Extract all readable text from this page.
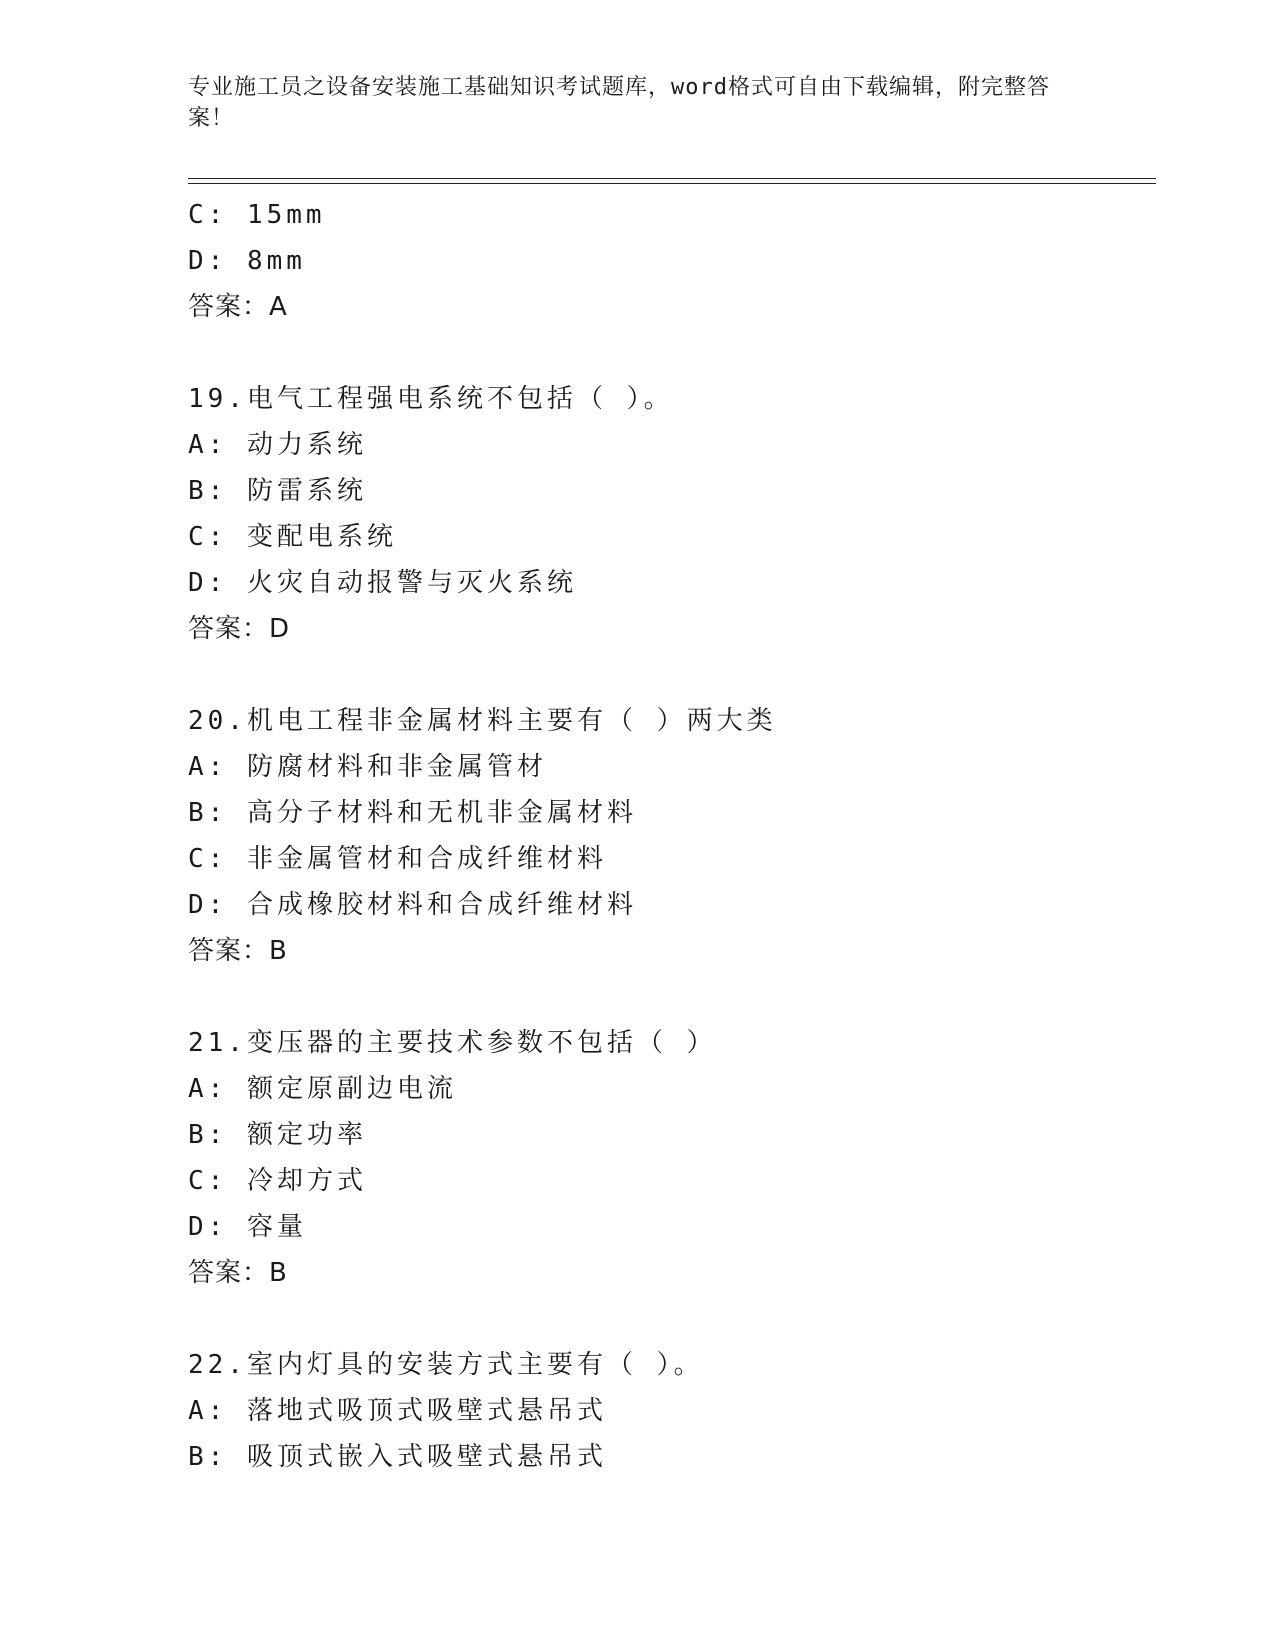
专业施工员之设备安装施工基础知识考试题库，word格式可自由下载编辑，附完整答案！
C: 15mm
D: 8mm
答案：A
19.电气工程强电系统不包括（ ）。
A: 动力系统
B: 防雷系统
C: 变配电系统
D: 火灾自动报警与灭火系统
答案：D
20.机电工程非金属材料主要有（ ）两大类
A: 防腐材料和非金属管材
B: 高分子材料和无机非金属材料
C: 非金属管材和合成纤维材料
D: 合成橡胶材料和合成纤维材料
答案：B
21.变压器的主要技术参数不包括（ ）
A: 额定原副边电流
B: 额定功率
C: 冷却方式
D: 容量
答案：B
22.室内灯具的安装方式主要有（ ）。
A: 落地式吸顶式吸壁式悬吊式
B: 吸顶式嵌入式吸壁式悬吊式
